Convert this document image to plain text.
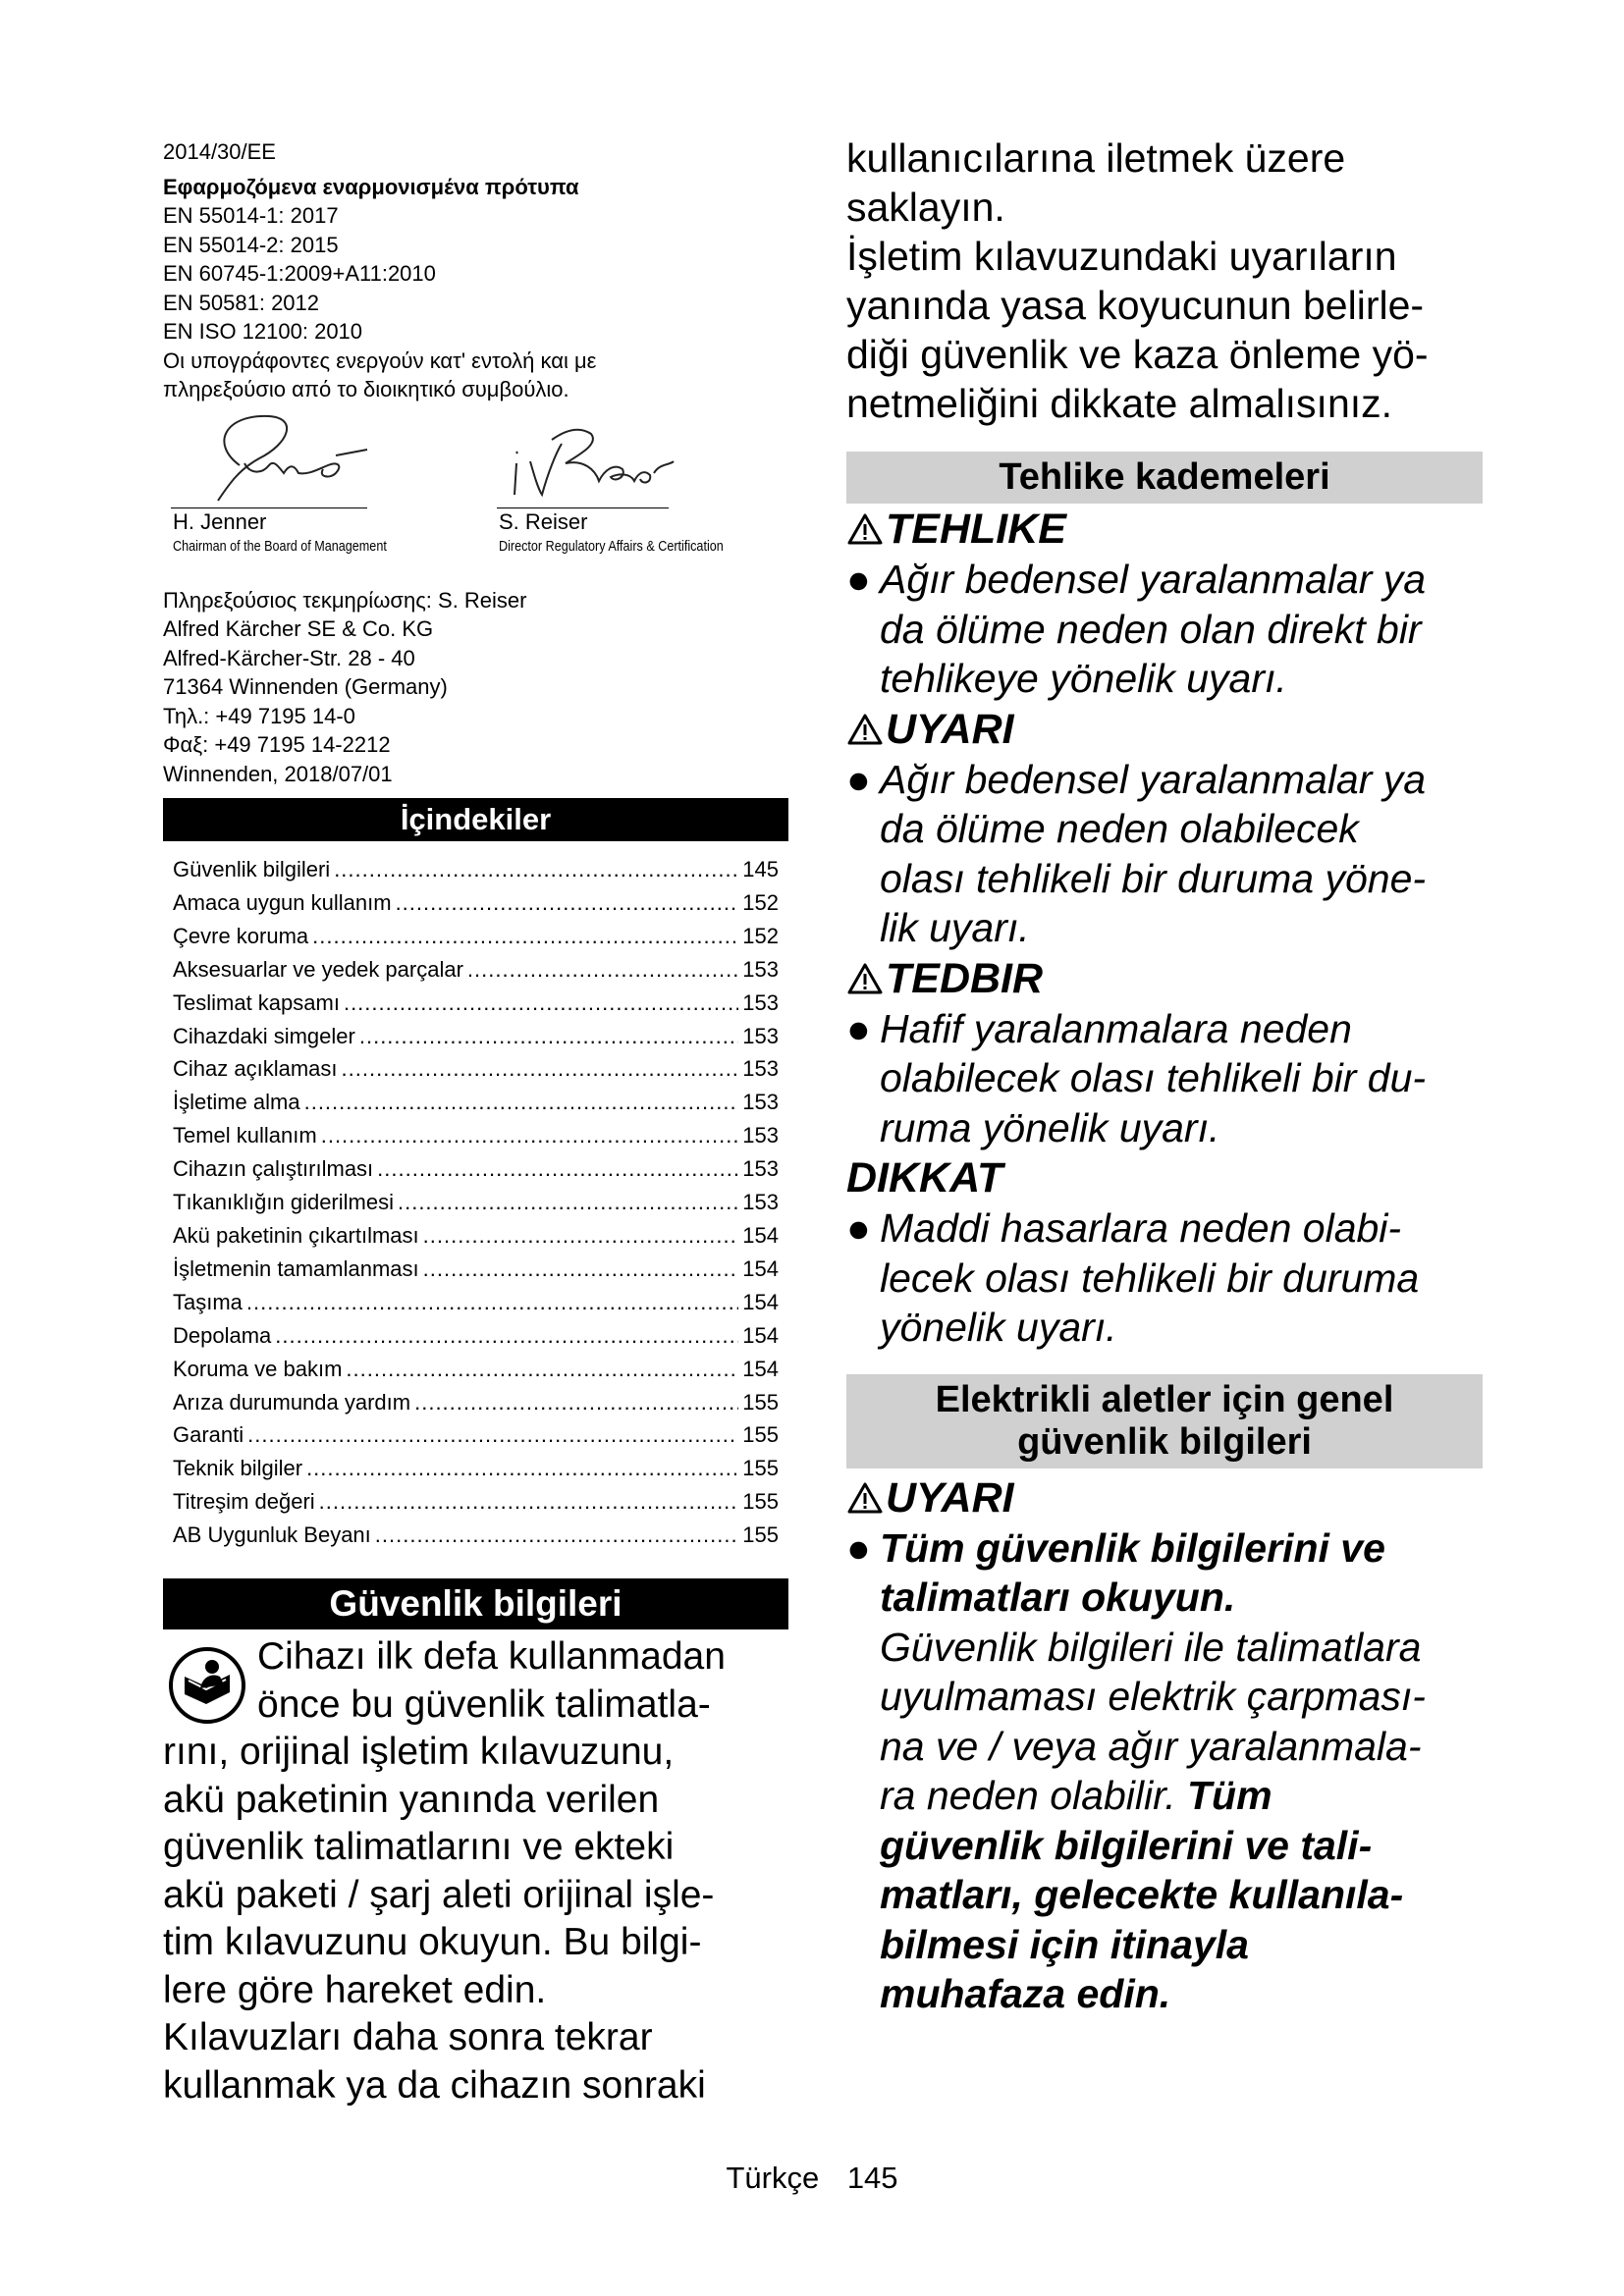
2014/30/EE
Εφαρμοζόμενα εναρμονισμένα πρότυπα
EN 55014-1: 2017
EN 55014-2: 2015
EN 60745-1:2009+A11:2010
EN 50581: 2012
EN ISO 12100: 2010
Οι υπογράφοντες ενεργούν κατ' εντολή και με
πληρεξούσιο από το διοικητικό συμβούλιο.
H. Jenner
Chairman of the Board of Management
S. Reiser
Director Regulatory Affairs & Certification
Πληρεξούσιος τεκμηρίωσης: S. Reiser
Alfred Kärcher SE & Co. KG
Alfred-Kärcher-Str. 28 - 40
71364 Winnenden (Germany)
Τηλ.: +49 7195 14-0
Φαξ: +49 7195 14-2212
Winnenden, 2018/07/01
İçindekiler
Güvenlik bilgileri .....	145
Amaca uygun kullanım .....	152
Çevre koruma .....	152
Aksesuarlar ve yedek parçalar .....	153
Teslimat kapsamı .....	153
Cihazdaki simgeler .....	153
Cihaz açıklaması .....	153
İşletime alma .....	153
Temel kullanım .....	153
Cihazın çalıştırılması .....	153
Tıkanıklığın giderilmesi .....	153
Akü paketinin çıkartılması .....	154
İşletmenin tamamlanması .....	154
Taşıma .....	154
Depolama .....	154
Koruma ve bakım .....	154
Arıza durumunda yardım .....	155
Garanti .....	155
Teknik bilgiler .....	155
Titreşim değeri .....	155
AB Uygunluk Beyanı .....	155
Güvenlik bilgileri
Cihazı ilk defa kullanmadan
önce bu güvenlik talimatla-
rını, orijinal işletim kılavuzunu,
akü paketinin yanında verilen
güvenlik talimatlarını ve ekteki
akü paketi / şarj aleti orijinal işle-
tim kılavuzunu okuyun. Bu bilgi-
lere göre hareket edin.
Kılavuzları daha sonra tekrar
kullanmak ya da cihazın sonraki
kullanıcılarına iletmek üzere
saklayın.
İşletim kılavuzundaki uyarıların
yanında yasa koyucunun belirle-
diği güvenlik ve kaza önleme yö-
netmeliğini dikkate almalısınız.
Tehlike kademeleri
TEHLIKE
● Ağır bedensel yaralanmalar ya
da ölüme neden olan direkt bir
tehlikeye yönelik uyarı.
UYARI
● Ağır bedensel yaralanmalar ya
da ölüme neden olabilecek
olası tehlikeli bir duruma yöne-
lik uyarı.
TEDBIR
● Hafif yaralanmalara neden
olabilecek olası tehlikeli bir du-
ruma yönelik uyarı.
DIKKAT
● Maddi hasarlara neden olabi-
lecek olası tehlikeli bir duruma
yönelik uyarı.
Elektrikli aletler için genel
güvenlik bilgileri
UYARI
● Tüm güvenlik bilgilerini ve
talimatları okuyun.
Güvenlik bilgileri ile talimatlara
uyulmaması elektrik çarpması-
na ve / veya ağır yaralanmala-
ra neden olabilir. Tüm
güvenlik bilgilerini ve tali-
matları, gelecekte kullanıla-
bilmesi için itinayla
muhafaza edin.
Türkçe 145
